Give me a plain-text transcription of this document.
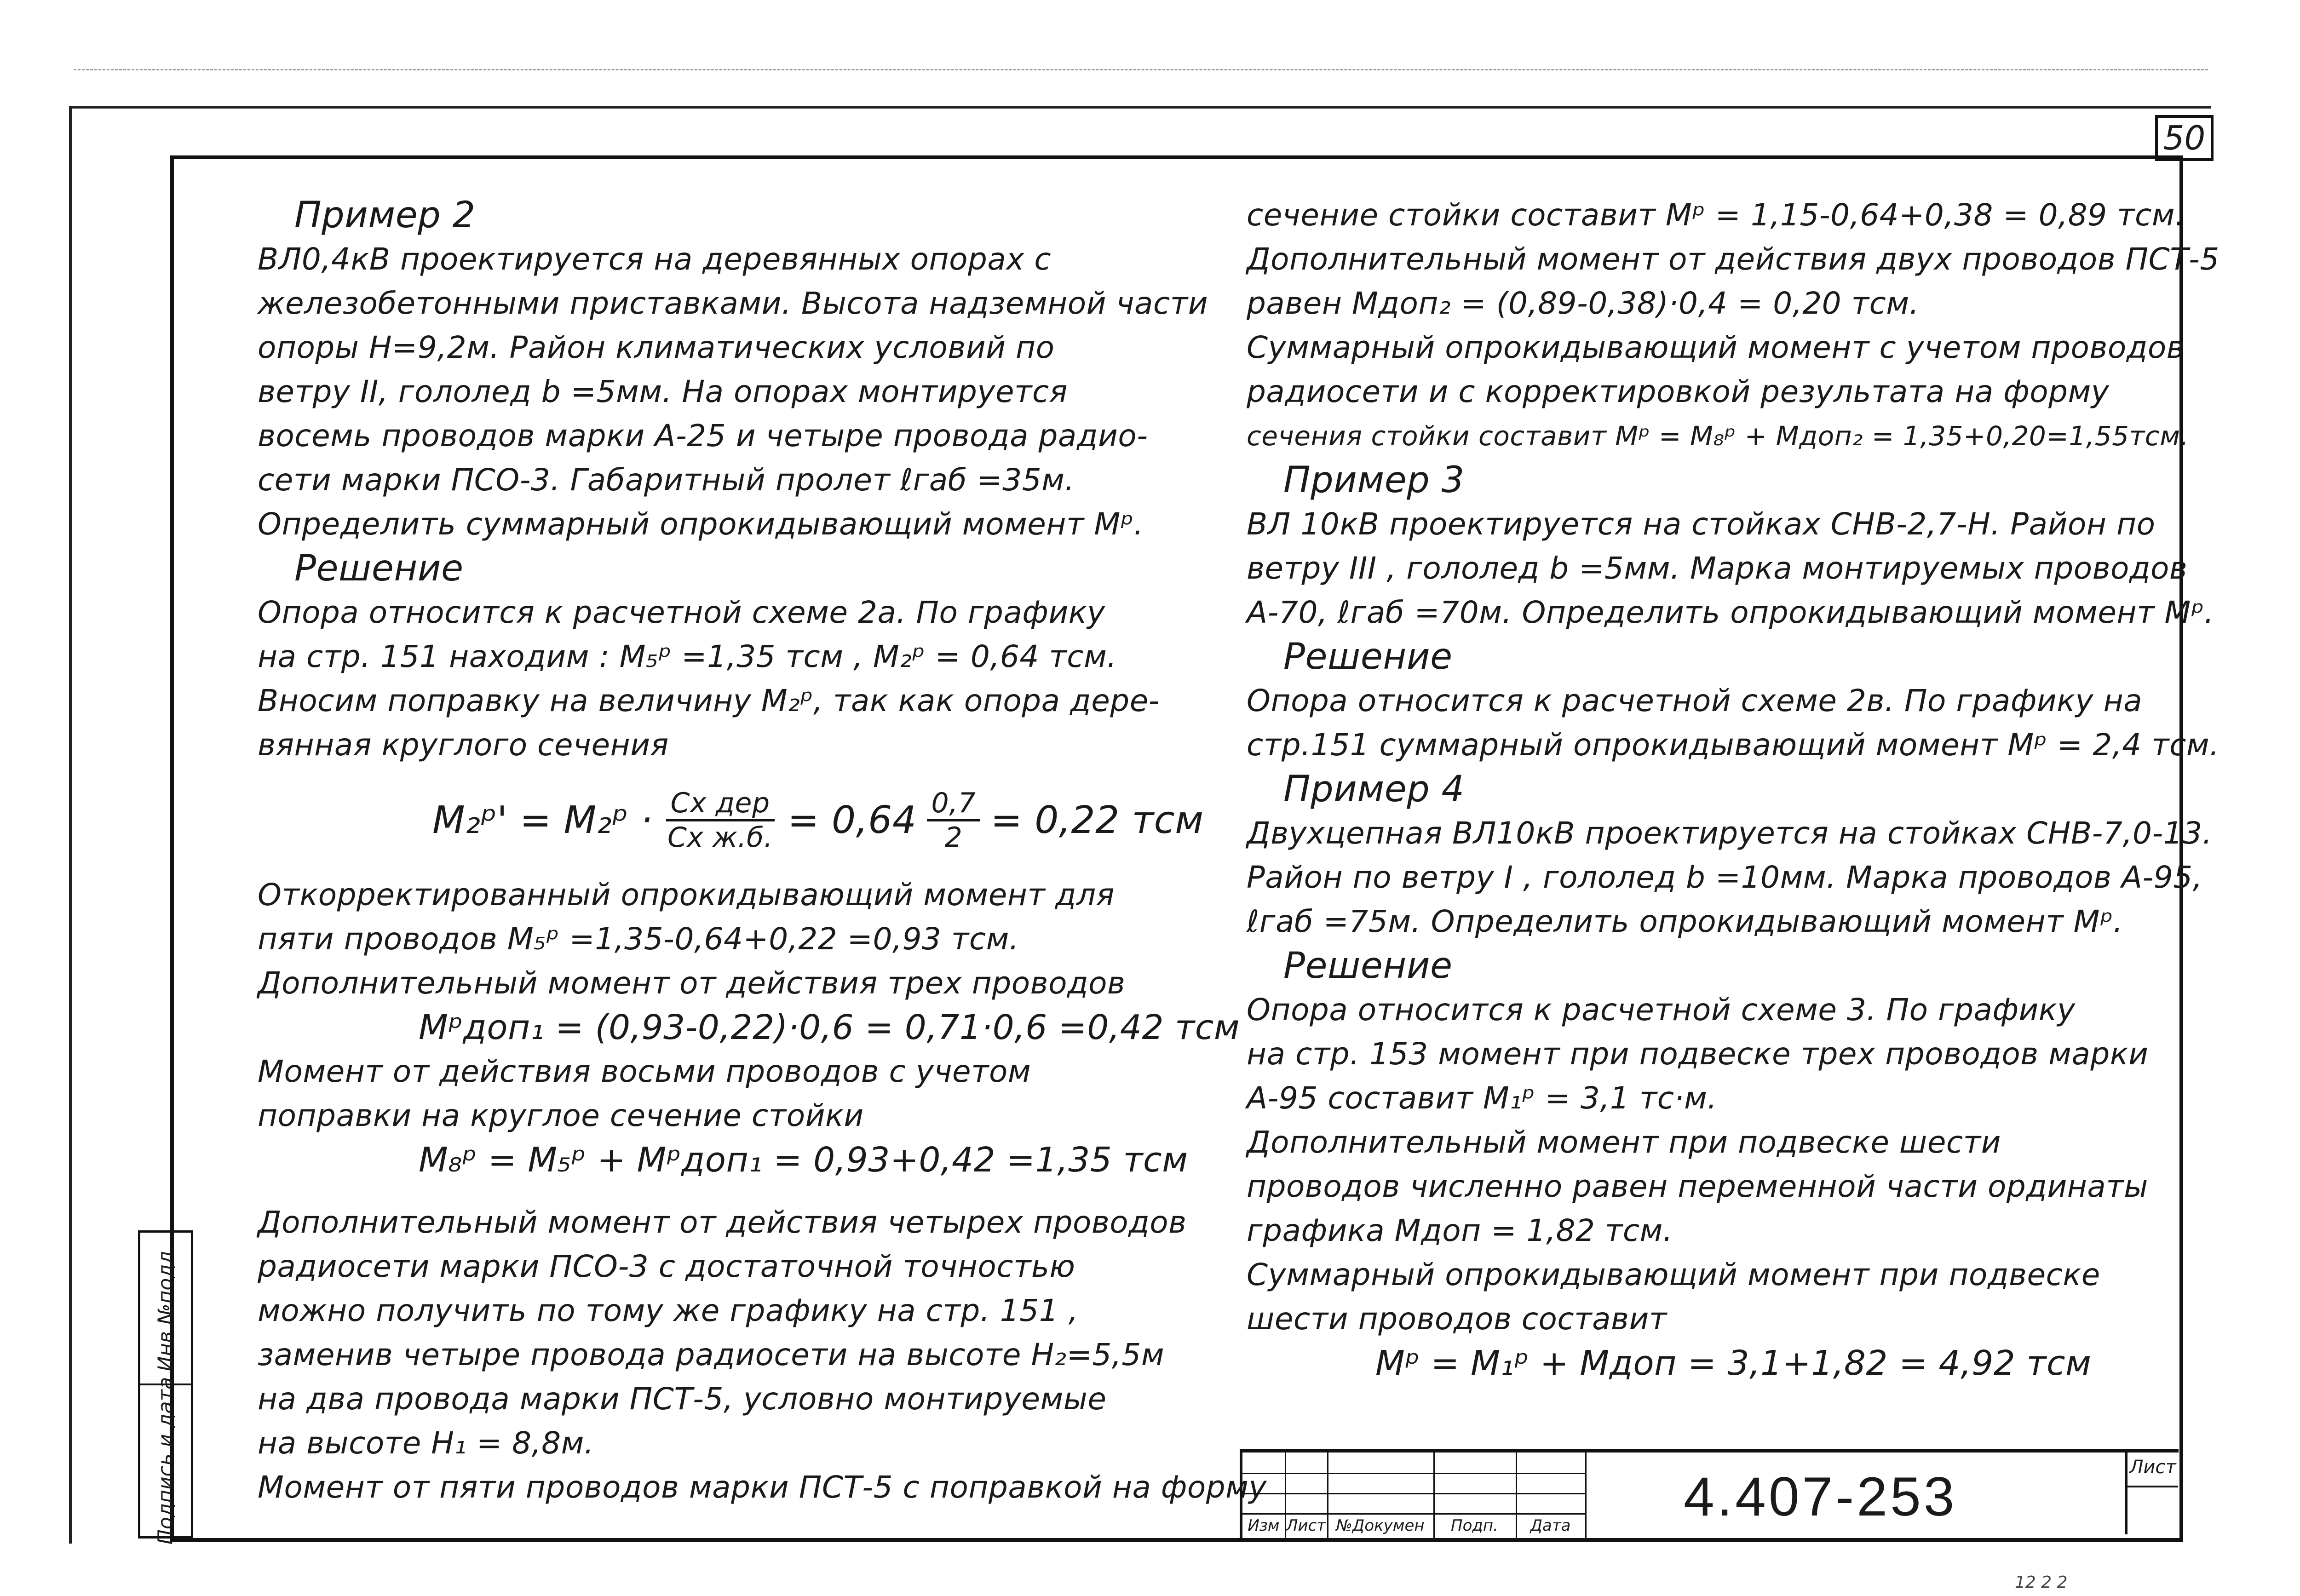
50
Пример 2
ВЛ0,4кВ проектируется на деревянных опорах с
железобетонными приставками. Высота надземной части
опоры H=9,2м. Район климатических условий по
ветру II, гололед b =5мм. На опорах монтируется
восемь проводов марки А-25 и четыре провода радио-
сети марки ПСО-3. Габаритный пролет ℓгаб =35м.
Определить суммарный опрокидывающий момент Mᵖ.
Решение
Опора относится к расчетной схеме 2а. По графику
на стр. 151 находим : M₅ᵖ =1,35 тсм , M₂ᵖ = 0,64 тсм.
Вносим поправку на величину M₂ᵖ, так как опора дере-
вянная круглого сечения
M₂ᵖ' = M₂ᵖ · $\frac{\text{Cx дер}}{\text{Cx ж.б.}} = 0,64 \frac{0,7}{2} = 0,22$ тсм
Откорректированный опрокидывающий момент для
пяти проводов M₅ᵖ =1,35-0,64+0,22 =0,93 тсм.
Дополнительный момент от действия трех проводов
Mᵖдоп₁ = (0,93-0,22)·0,6 = 0,71·0,6 =0,42 тсм
Момент от действия восьми проводов с учетом
поправки на круглое сечение стойки
M₈ᵖ = M₅ᵖ + Mᵖдоп₁ = 0,93+0,42 =1,35 тсм
Дополнительный момент от действия четырех проводов
радиосети марки ПСО-3 с достаточной точностью
можно получить по тому же графику на стр. 151 ,
заменив четыре провода радиосети на высоте H₂=5,5м
на два провода марки ПСТ-5, условно монтируемые
на высоте H₁ = 8,8м.
Момент от пяти проводов марки ПСТ-5 с поправкой на форму
сечение стойки составит Mᵖ = 1,15-0,64+0,38 = 0,89 тсм.
Дополнительный момент от действия двух проводов ПСТ-5
равен Mдоп₂ = (0,89-0,38)·0,4 = 0,20 тсм.
Суммарный опрокидывающий момент с учетом проводов
радиосети и с корректировкой результата на форму
сечения стойки составит Mᵖ = M₈ᵖ + Mдоп₂ = 1,35+0,20=1,55тсм.
Пример 3
ВЛ 10кВ проектируется на стойках СНВ-2,7-Н. Район по
ветру III , гололед b =5мм. Марка монтируемых проводов
А-70, ℓгаб =70м. Определить опрокидывающий момент Mᵖ.
Решение
Опора относится к расчетной схеме 2в. По графику на
стр.151 суммарный опрокидывающий момент Mᵖ = 2,4 тсм.
Пример 4
Двухцепная ВЛ10кВ проектируется на стойках СНВ-7,0-13.
Район по ветру I , гололед b =10мм. Марка проводов А-95,
ℓгаб =75м. Определить опрокидывающий момент Mᵖ.
Решение
Опора относится к расчетной схеме 3. По графику
на стр. 153 момент при подвеске трех проводов марки
А-95 составит M₁ᵖ = 3,1 тс·м.
Дополнительный момент при подвеске шести
проводов численно равен переменной части ординаты
графика Mдоп = 1,82 тсм.
Суммарный опрокидывающий момент при подвеске
шести проводов составит
Mᵖ = M₁ᵖ + Mдоп = 3,1+1,82 = 4,92 тсм
Инв.№подл.
Подпись и дата	Изм Лист №Докумен	Подп.	Дата 4.407-253	Лист
12 2 2
